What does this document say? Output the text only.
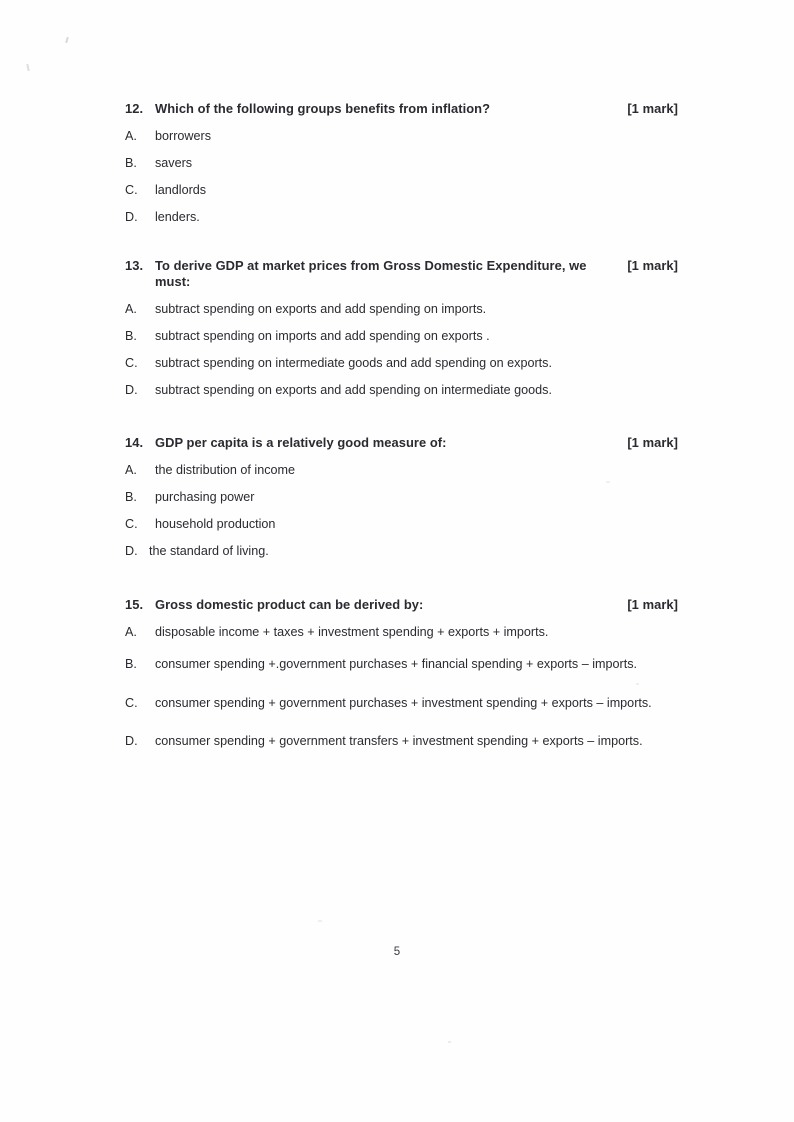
12. Which of the following groups benefits from inflation?	[1 mark]
A.	borrowers
B.	savers
C.	landlords
D.	lenders.
13. To derive GDP at market prices from Gross Domestic Expenditure, we must:
[1 mark]
A.	subtract spending on exports and add spending on imports.
B.	subtract spending on imports and add spending on exports .
C.	subtract spending on intermediate goods and add spending on exports.
D.	subtract spending on exports and add spending on intermediate goods.
14. GDP per capita is a relatively good measure of:	[1 mark]
A.	the distribution of income
B.	purchasing power
C.	household production
D. the standard of living.
15. Gross domestic product can be derived by:	[1 mark]
A.	disposable income + taxes + investment spending + exports + imports.
B.	consumer spending +.government purchases + financial spending + exports – imports.
C.	consumer spending + government purchases + investment spending + exports – imports.
D.	consumer spending + government transfers + investment spending + exports – imports.
5
